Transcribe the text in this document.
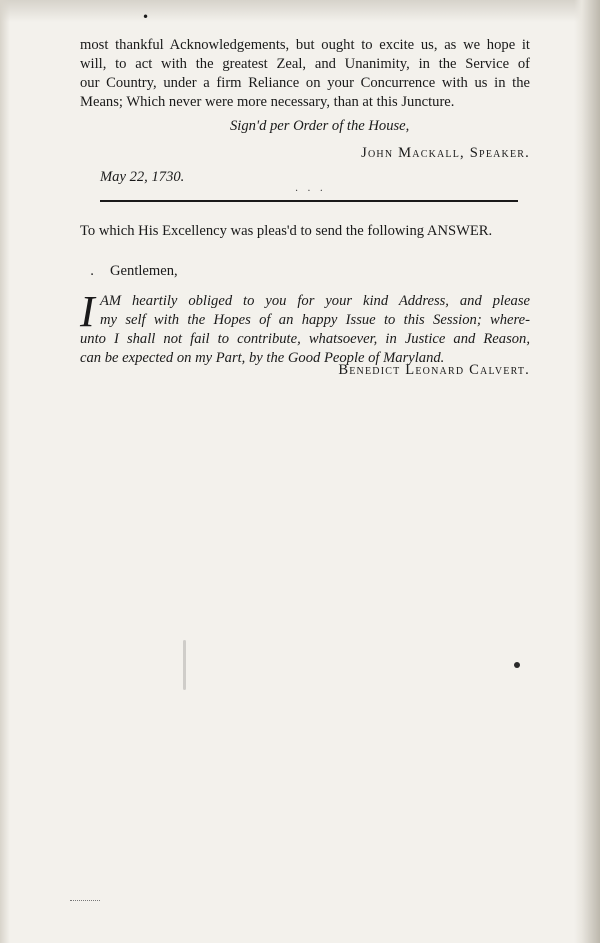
•
most thankful Acknowledgements, but ought to excite us, as we hope it
will, to act with the greatest Zeal, and Unanimity, in the Service of
our Country, under a firm Reliance on your Concurrence with us in the
Means; Which never were more necessary, than at this Juncture.
Sign'd per Order of the House,
John Mackall, Speaker.
May 22, 1730.
· · ·
To which His Excellency was pleas'd to send the following ANSWER.
. Gentlemen,
I AM heartily obliged to you for your kind Address, and please
my self with the Hopes of an happy Issue to this Session; where-
unto I shall not fail to contribute, whatsoever, in Justice and Reason,
can be expected on my Part, by the Good People of Maryland.
Benedict Leonard Calvert.
